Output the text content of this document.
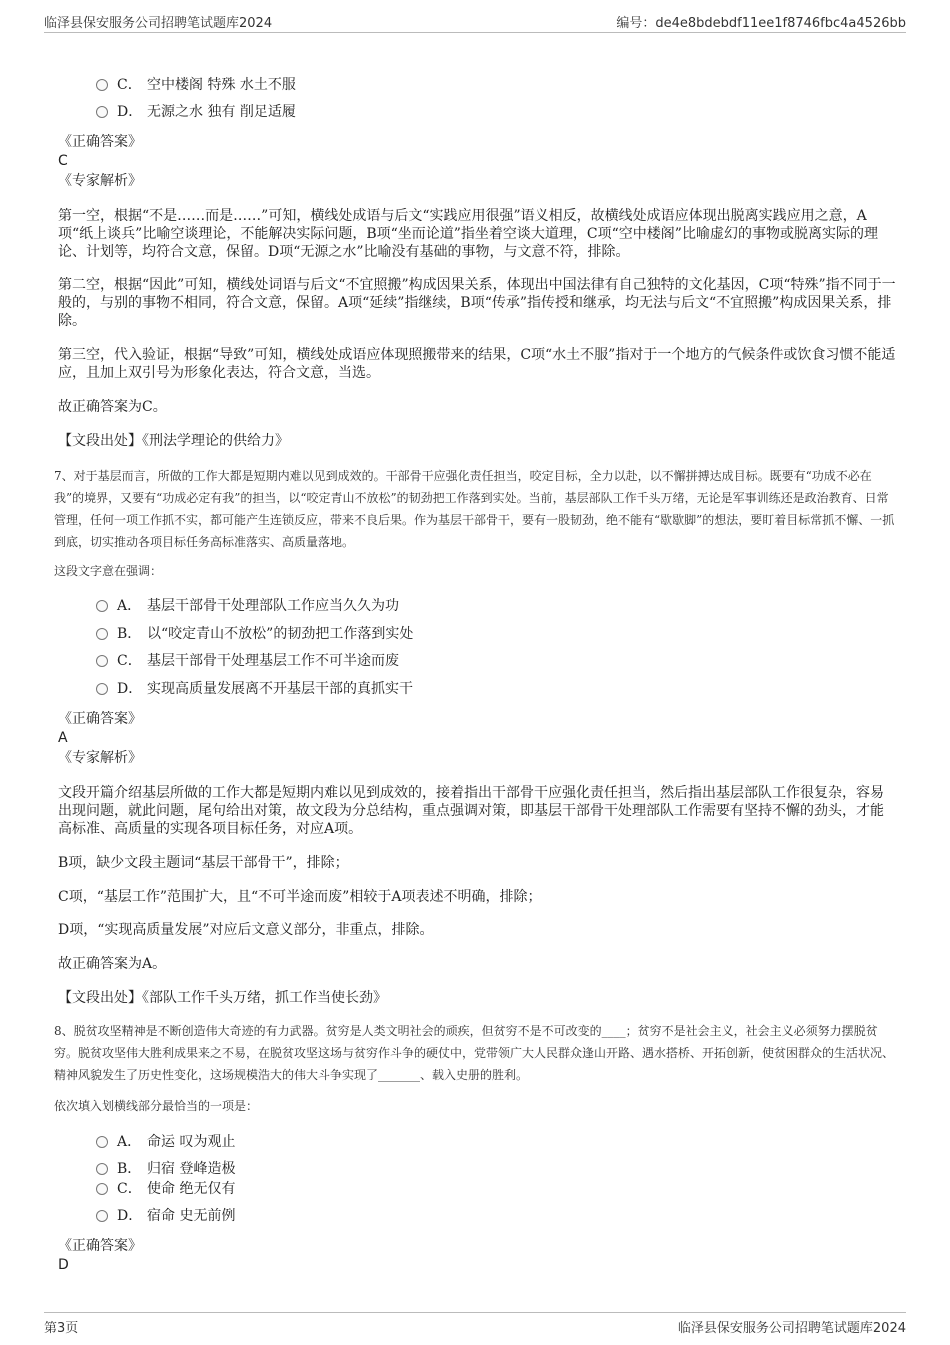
临泽县保安服务公司招聘笔试题库2024	编号：de4e8bdebdf11ee1f8746fbc4a4526bb
C． 空中楼阁 特殊 水土不服
D． 无源之水 独有 削足适履
《正确答案》
C
《专家解析》
第一空，根据“不是……而是……”可知，横线处成语与后文“实践应用很强”语义相反，故横线处成语应体现出脱离实践应用之意，A项“纸上谈兵”比喻空谈理论，不能解决实际问题，B项“坐而论道”指坐着空谈大道理，C项“空中楼阁”比喻虚幻的事物或脱离实际的理论、计划等，均符合文意，保留。D项“无源之水”比喻没有基础的事物，与文意不符，排除。
第二空，根据“因此”可知，横线处词语与后文“不宜照搬”构成因果关系，体现出中国法律有自己独特的文化基因，C项“特殊”指不同于一般的，与别的事物不相同，符合文意，保留。A项“延续”指继续，B项“传承”指传授和继承，均无法与后文“不宜照搬”构成因果关系，排除。
第三空，代入验证，根据“导致”可知，横线处成语应体现照搬带来的结果，C项“水土不服”指对于一个地方的气候条件或饮食习惯不能适应，且加上双引号为形象化表达，符合文意，当选。
故正确答案为C。
【文段出处】《刑法学理论的供给力》
7、对于基层而言，所做的工作大都是短期内难以见到成效的。干部骨干应强化责任担当，咬定目标，全力以赴，以不懈拼搏达成目标。既要有“功成不必在我”的境界，又要有“功成必定有我”的担当，以“咬定青山不放松”的韧劲把工作落到实处。当前，基层部队工作千头万绪，无论是军事训练还是政治教育、日常管理，任何一项工作抓不实，都可能产生连锁反应，带来不良后果。作为基层干部骨干，要有一股韧劲，绝不能有“歇歇脚”的想法，要盯着目标常抓不懈、一抓到底，切实推动各项目标任务高标准落实、高质量落地。
这段文字意在强调：
A． 基层干部骨干处理部队工作应当久久为功
B． 以“咬定青山不放松”的韧劲把工作落到实处
C． 基层干部骨干处理基层工作不可半途而废
D． 实现高质量发展离不开基层干部的真抓实干
《正确答案》
A
《专家解析》
文段开篇介绍基层所做的工作大都是短期内难以见到成效的，接着指出干部骨干应强化责任担当，然后指出基层部队工作很复杂，容易出现问题，就此问题，尾句给出对策，故文段为分总结构，重点强调对策，即基层干部骨干处理部队工作需要有坚持不懈的劲头，才能高标准、高质量的实现各项目标任务，对应A项。
B项，缺少文段主题词“基层干部骨干”，排除；
C项，“基层工作”范围扩大，且“不可半途而废”相较于A项表述不明确，排除；
D项，“实现高质量发展”对应后文意义部分，非重点，排除。
故正确答案为A。
【文段出处】《部队工作千头万绪，抓工作当使长劲》
8、脱贫攻坚精神是不断创造伟大奇迹的有力武器。贫穷是人类文明社会的顽疾，但贫穷不是不可改变的____；贫穷不是社会主义，社会主义必须努力摆脱贫穷。脱贫攻坚伟大胜利成果来之不易，在脱贫攻坚这场与贫穷作斗争的硬仗中，党带领广大人民群众逢山开路、遇水搭桥、开拓创新，使贫困群众的生活状况、精神风貌发生了历史性变化，这场规模浩大的伟大斗争实现了_______、载入史册的胜利。
依次填入划横线部分最恰当的一项是：
A． 命运 叹为观止
B． 归宿 登峰造极
C． 使命 绝无仅有
D． 宿命 史无前例
《正确答案》
D
第3页	临泽县保安服务公司招聘笔试题库2024
